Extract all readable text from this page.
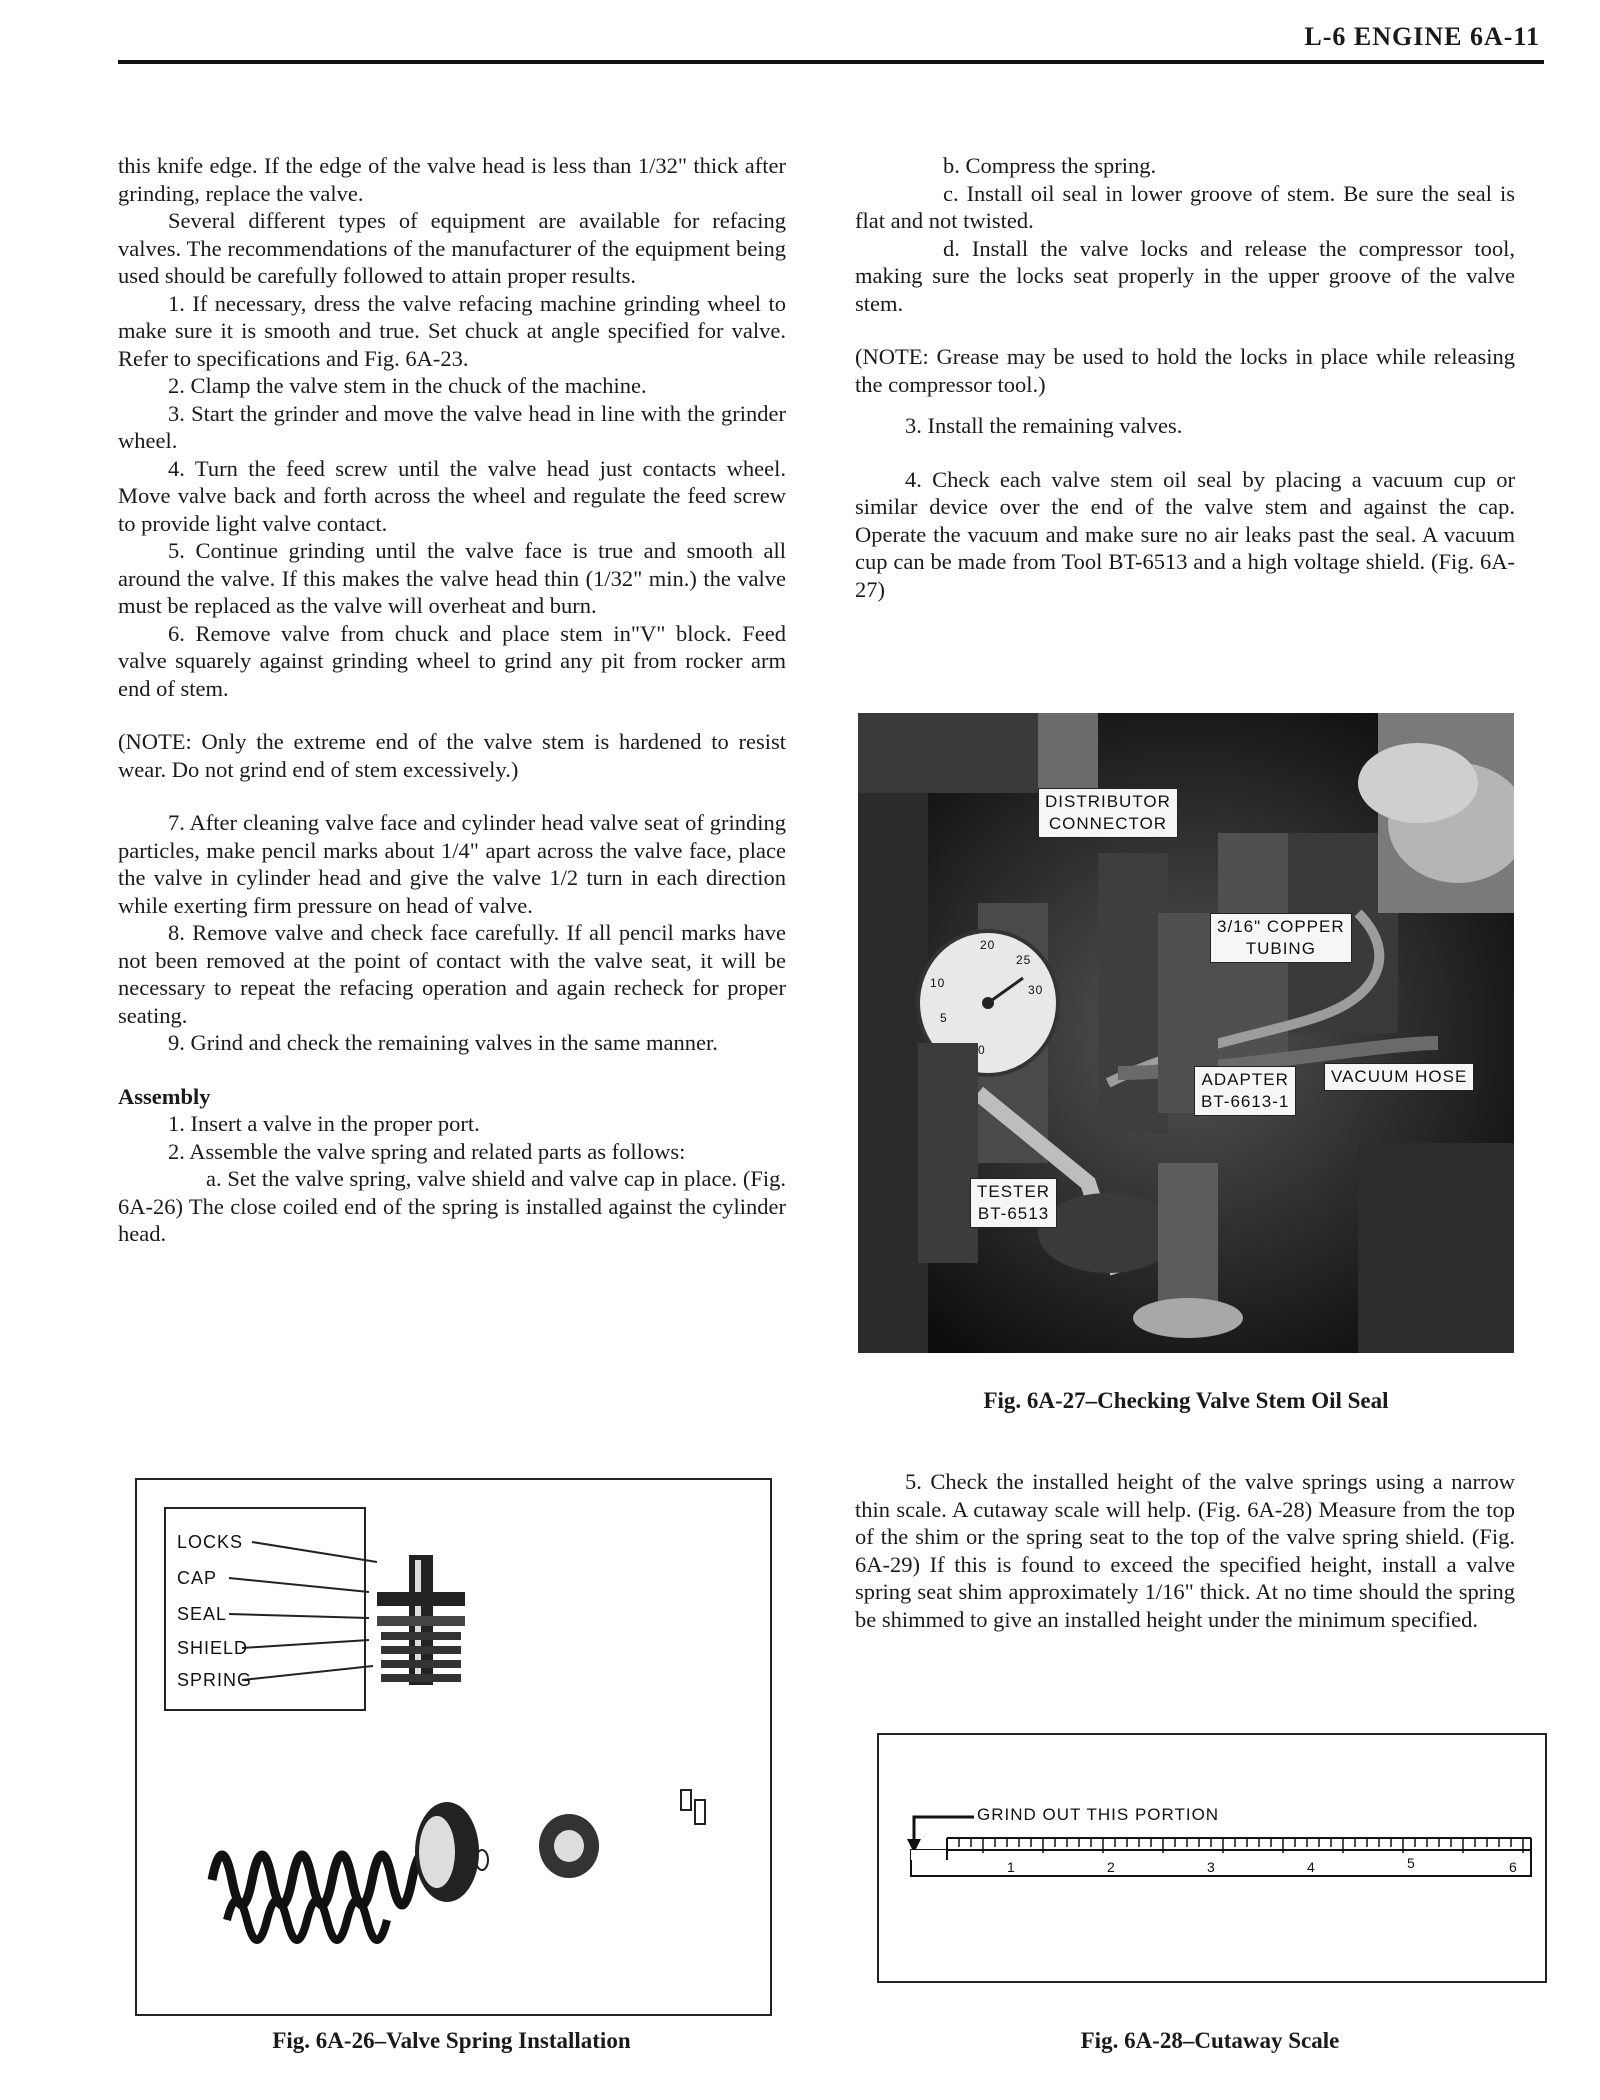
L-6 ENGINE 6A-11

this knife edge. If the edge of the valve head is less than 1/32" thick after grinding, replace the valve.

Several different types of equipment are available for refacing valves. The recommendations of the manufacturer of the equipment being used should be carefully followed to attain proper results.

1. If necessary, dress the valve refacing machine grinding wheel to make sure it is smooth and true. Set chuck at angle specified for valve. Refer to specifications and Fig. 6A-23.

2. Clamp the valve stem in the chuck of the machine.

3. Start the grinder and move the valve head in line with the grinder wheel.

4. Turn the feed screw until the valve head just contacts wheel. Move valve back and forth across the wheel and regulate the feed screw to provide light valve contact.

5. Continue grinding until the valve face is true and smooth all around the valve. If this makes the valve head thin (1/32" min.) the valve must be replaced as the valve will overheat and burn.

6. Remove valve from chuck and place stem in"V" block. Feed valve squarely against grinding wheel to grind any pit from rocker arm end of stem.

(NOTE: Only the extreme end of the valve stem is hardened to resist wear. Do not grind end of stem excessively.)

7. After cleaning valve face and cylinder head valve seat of grinding particles, make pencil marks about 1/4" apart across the valve face, place the valve in cylinder head and give the valve 1/2 turn in each direction while exerting firm pressure on head of valve.

8. Remove valve and check face carefully. If all pencil marks have not been removed at the point of contact with the valve seat, it will be necessary to repeat the refacing operation and again recheck for proper seating.

9. Grind and check the remaining valves in the same manner.

Assembly

1. Insert a valve in the proper port.

2. Assemble the valve spring and related parts as follows:

a. Set the valve spring, valve shield and valve cap in place. (Fig. 6A-26) The close coiled end of the spring is installed against the cylinder head.

b. Compress the spring.

c. Install oil seal in lower groove of stem. Be sure the seal is flat and not twisted.

d. Install the valve locks and release the compressor tool, making sure the locks seat properly in the upper groove of the valve stem.

(NOTE: Grease may be used to hold the locks in place while releasing the compressor tool.)

3. Install the remaining valves.

4. Check each valve stem oil seal by placing a vacuum cup or similar device over the end of the valve stem and against the cap. Operate the vacuum and make sure no air leaks past the seal. A vacuum cup can be made from Tool BT-6513 and a high voltage shield. (Fig. 6A-27)

10
20
25
30
5
0
DISTRIBUTOR
CONNECTOR
3/16" COPPER
TUBING
ADAPTER
BT-6613-1
VACUUM HOSE
TESTER
BT-6513
Fig. 6A-27–Checking Valve Stem Oil Seal

5. Check the installed height of the valve springs using a narrow thin scale. A cutaway scale will help. (Fig. 6A-28) Measure from the top of the shim or the spring seat to the top of the valve spring shield. (Fig. 6A-29) If this is found to exceed the specified height, install a valve spring seat shim approximately 1/16" thick. At no time should the spring be shimmed to give an installed height under the minimum specified.

LOCKS
CAP
SEAL
SHIELD
SPRING
Fig. 6A-26–Valve Spring Installation
GRIND OUT THIS PORTION
1	2	3	4	5	6
Fig. 6A-28–Cutaway Scale
